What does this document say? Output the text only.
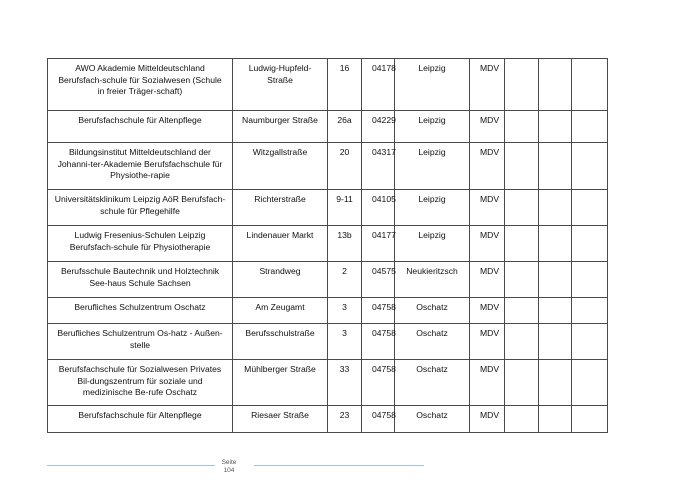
AWO Akademie Mitteldeutschland Berufsfach-schule für Sozialwesen (Schule in freier Träger-schaft)	Ludwig-Hupfeld-Straße	16	04178	Leipzig	MDV			
Berufsfachschule für Altenpflege	Naumburger Straße	26a	04229	Leipzig	MDV			
Bildungsinstitut Mitteldeutschland der Johanni-ter-Akademie Berufsfachschule für Physiothe-rapie	Witzgallstraße	20	04317	Leipzig	MDV			
Universitätsklinikum Leipzig AöR Berufsfach-schule für Pflegehilfe	Richterstraße	9-11	04105	Leipzig	MDV			
Ludwig Fresenius-Schulen Leipzig Berufsfach-schule für Physiotherapie	Lindenauer Markt	13b	04177	Leipzig	MDV			
Berufsschule Bautechnik und Holztechnik See-haus Schule Sachsen	Strandweg	2	04575	Neukieritzsch	MDV			
Berufliches Schulzentrum Oschatz	Am Zeugamt	3	04758	Oschatz	MDV			
Berufliches Schulzentrum Os-hatz - Außen-stelle	Berufsschulstraße	3	04758	Oschatz	MDV			
Berufsfachschule für Sozialwesen Privates Bil-dungszentrum für soziale und medizinische Be-rufe Oschatz	Mühlberger Straße	33	04758	Oschatz	MDV			
Berufsfachschule für Altenpflege	Riesaer Straße	23	04758	Oschatz	MDV			
Seite
104
